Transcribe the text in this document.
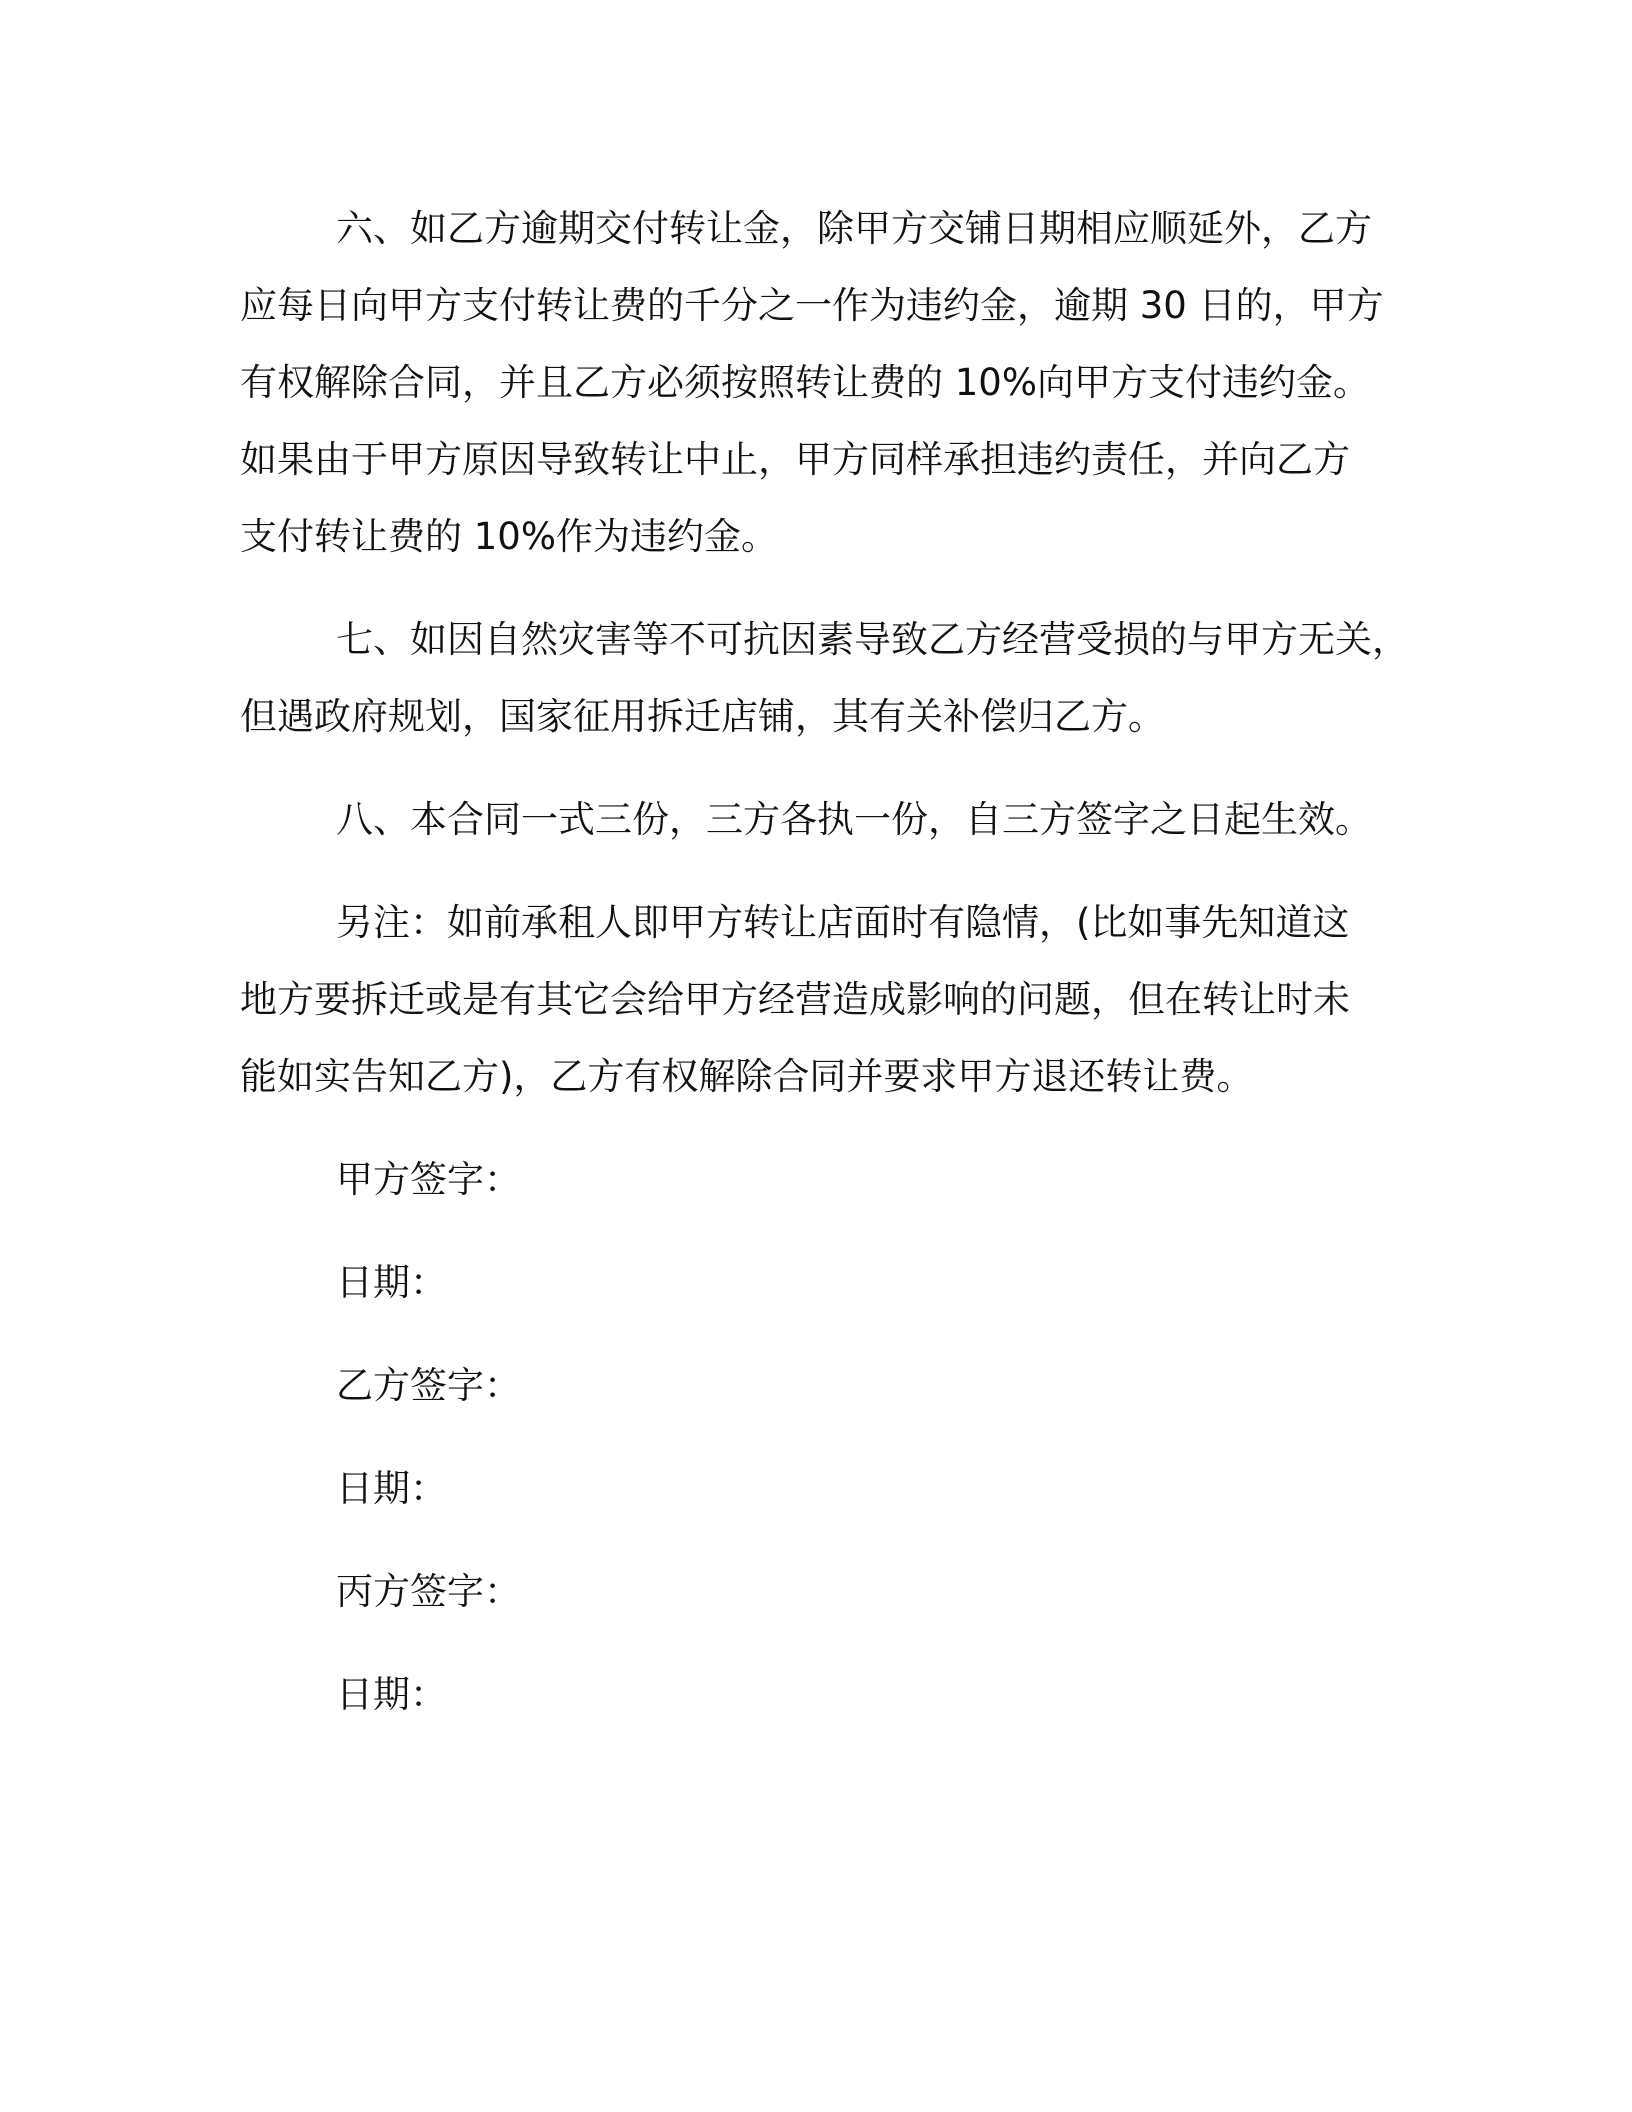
六、如乙方逾期交付转让金，除甲方交铺日期相应顺延外，乙方
应每日向甲方支付转让费的千分之一作为违约金，逾期 30 日的，甲方
有权解除合同，并且乙方必须按照转让费的 10%向甲方支付违约金。
如果由于甲方原因导致转让中止，甲方同样承担违约责任，并向乙方
支付转让费的 10%作为违约金。
七、如因自然灾害等不可抗因素导致乙方经营受损的与甲方无关，
但遇政府规划，国家征用拆迁店铺，其有关补偿归乙方。
八、本合同一式三份，三方各执一份，自三方签字之日起生效。
另注：如前承租人即甲方转让店面时有隐情，(比如事先知道这
地方要拆迁或是有其它会给甲方经营造成影响的问题，但在转让时未
能如实告知乙方)，乙方有权解除合同并要求甲方退还转让费。
甲方签字：
日期：
乙方签字：
日期：
丙方签字：
日期：
